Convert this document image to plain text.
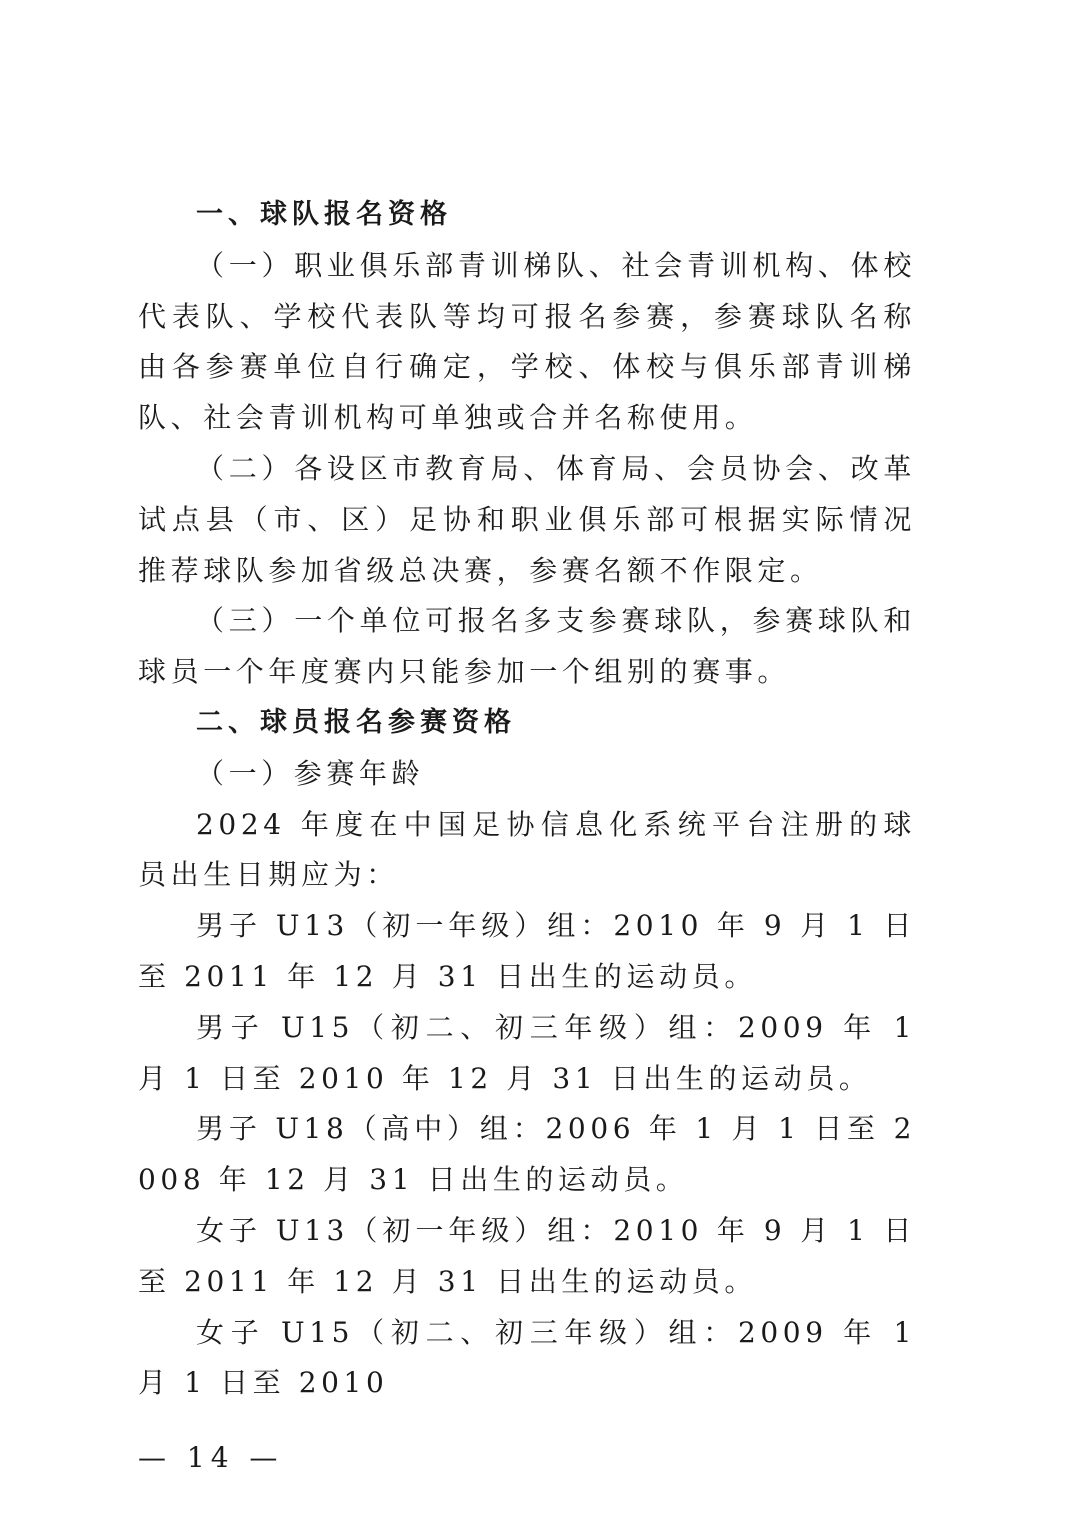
一、球队报名资格

（一）职业俱乐部青训梯队、社会青训机构、体校代表队、学校代表队等均可报名参赛，参赛球队名称由各参赛单位自行确定，学校、体校与俱乐部青训梯队、社会青训机构可单独或合并名称使用。

（二）各设区市教育局、体育局、会员协会、改革试点县（市、区）足协和职业俱乐部可根据实际情况推荐球队参加省级总决赛，参赛名额不作限定。

（三）一个单位可报名多支参赛球队，参赛球队和球员一个年度赛内只能参加一个组别的赛事。

二、球员报名参赛资格

（一）参赛年龄

2024 年度在中国足协信息化系统平台注册的球员出生日期应为：

男子 U13（初一年级）组：2010 年 9 月 1 日至 2011 年 12 月 31 日出生的运动员。

男子 U15（初二、初三年级）组：2009 年 1 月 1 日至 2010 年 12 月 31 日出生的运动员。

男子 U18（高中）组：2006 年 1 月 1 日至 2008 年 12 月 31 日出生的运动员。

女子 U13（初一年级）组：2010 年 9 月 1 日至 2011 年 12 月 31 日出生的运动员。

女子 U15（初二、初三年级）组：2009 年 1 月 1 日至 2010

— 14 —
